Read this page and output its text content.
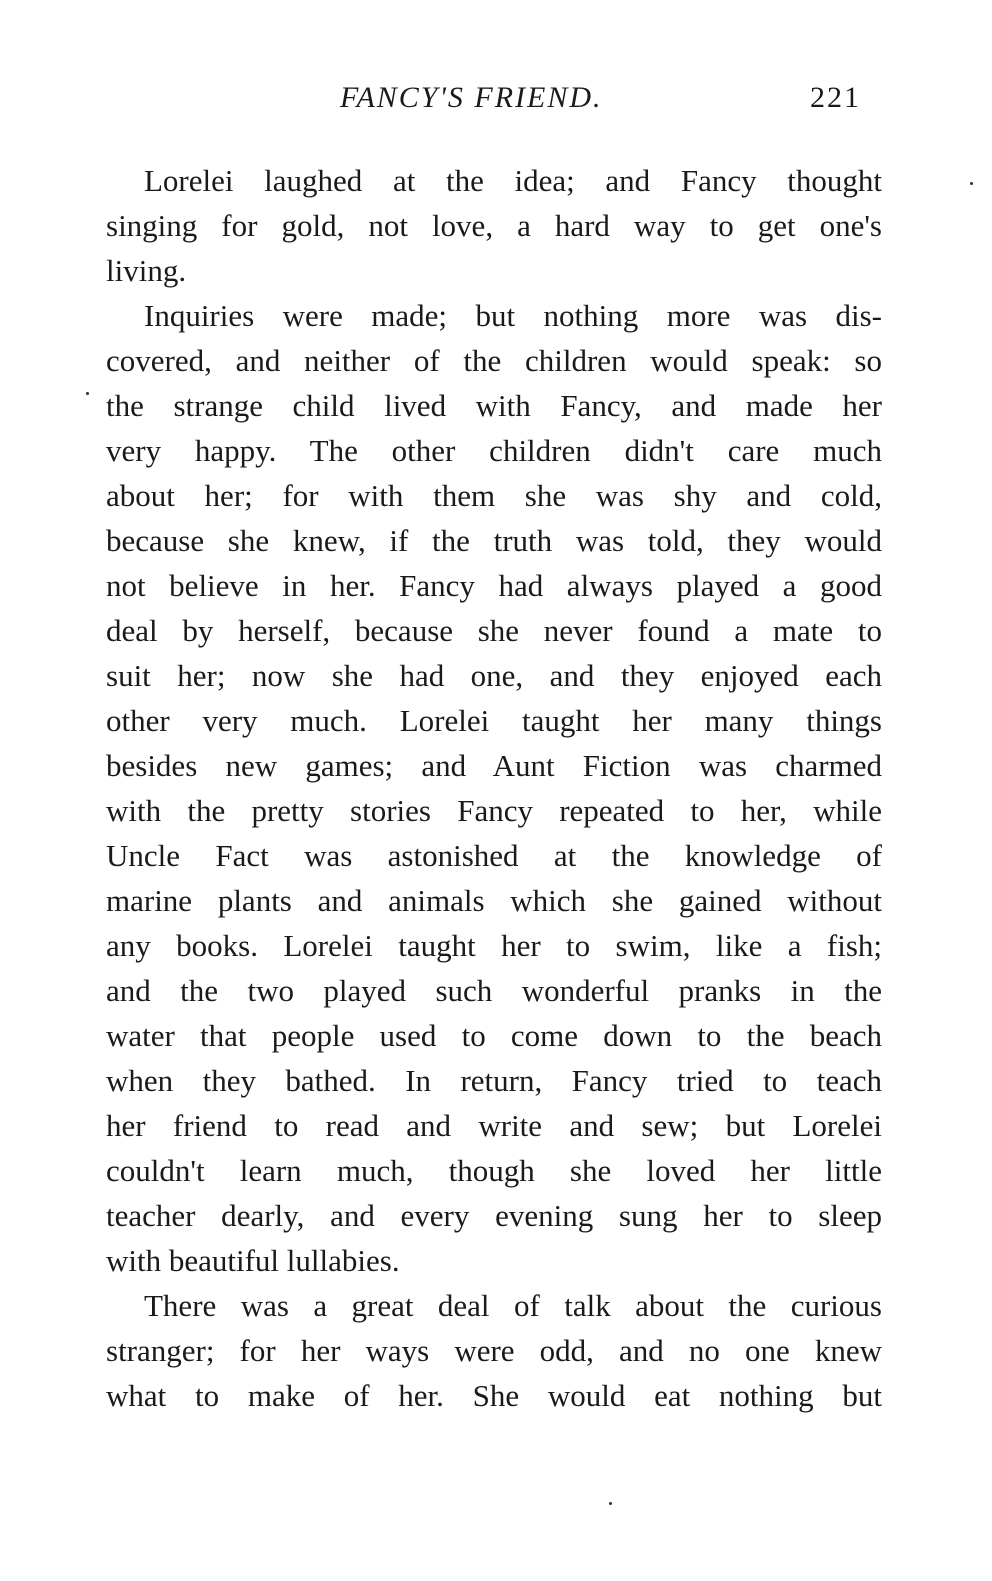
FANCY'S FRIEND.	221
Lorelei laughed at the idea; and Fancy thought
singing for gold, not love, a hard way to get one's
living.
Inquiries were made; but nothing more was dis-
covered, and neither of the children would speak: so
the strange child lived with Fancy, and made her
very happy. The other children didn't care much
about her; for with them she was shy and cold,
because she knew, if the truth was told, they would
not believe in her. Fancy had always played a good
deal by herself, because she never found a mate to
suit her; now she had one, and they enjoyed each
other very much. Lorelei taught her many things
besides new games; and Aunt Fiction was charmed
with the pretty stories Fancy repeated to her, while
Uncle Fact was astonished at the knowledge of
marine plants and animals which she gained without
any books. Lorelei taught her to swim, like a fish;
and the two played such wonderful pranks in the
water that people used to come down to the beach
when they bathed. In return, Fancy tried to teach
her friend to read and write and sew; but Lorelei
couldn't learn much, though she loved her little
teacher dearly, and every evening sung her to sleep
with beautiful lullabies.
There was a great deal of talk about the curious
stranger; for her ways were odd, and no one knew
what to make of her. She would eat nothing but
